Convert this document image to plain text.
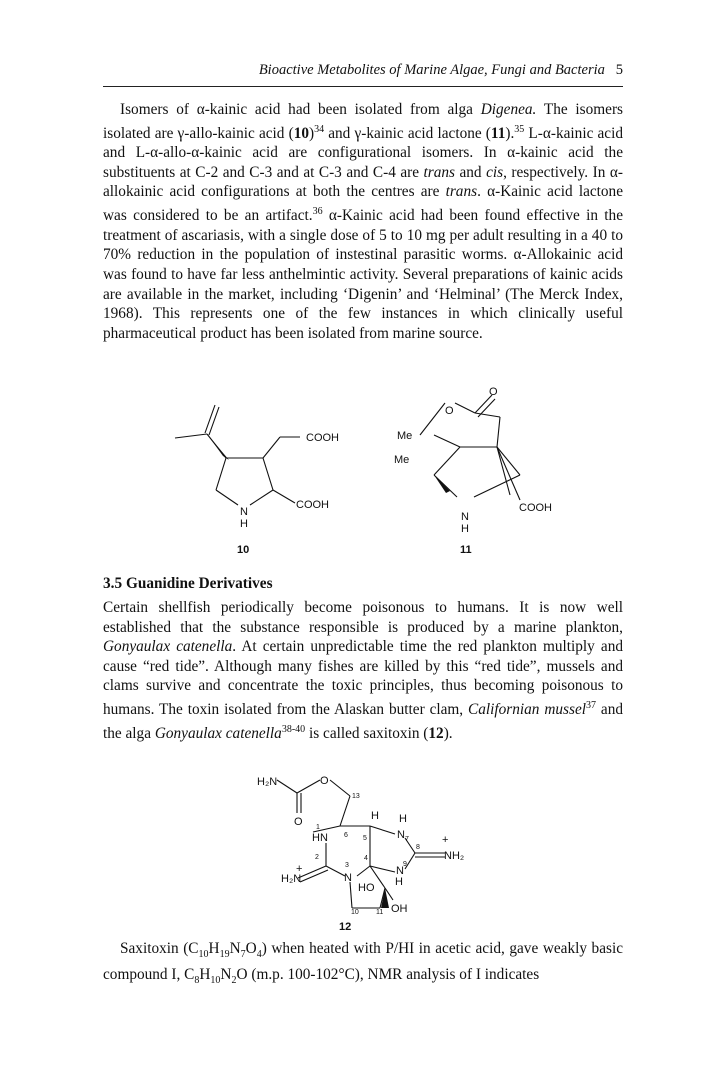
Bioactive Metabolites of Marine Algae, Fungi and Bacteria 5

Isomers of α-kainic acid had been isolated from alga Digenea. The isomers isolated are γ-allo-kainic acid $(10)^{34}$ and γ-kainic acid lactone (11).$^{35}$ L-α-kainic acid and L-α-allo-α-kainic acid are configurational isomers. In α-kainic acid the substituents at C-2 and C-3 and at C-3 and C-4 are trans and cis, respectively. In α-allokainic acid configurations at both the centres are trans. α-Kainic acid lactone was considered to be an artifact.$^{36}$ α-Kainic acid had been found effective in the treatment of ascariasis, with a single dose of 5 to 10 mg per adult resulting in a 40 to 70% reduction in the population of instestinal parasitic worms. α-Allokainic acid was found to have far less anthelmintic activity. Several preparations of kainic acids are available in the market, including ‘Digenin’ and ‘Helminal’ (The Merck Index, 1968). This represents one of the few instances in which clinically useful pharmaceutical product has been isolated from marine source.

COOH
COOH
N
H
10
O
O
Me
Me
COOH
N
H
11

3.5 Guanidine Derivatives

Certain shellfish periodically become poisonous to humans. It is now well established that the substance responsible is produced by a marine plankton, Gonyaulax catenella. At certain unpredictable time the red plankton multiply and cause “red tide”. Although many fishes are killed by this “red tide”, mussels and clams survive and concentrate the toxic principles, thus becoming poisonous to humans. The toxin isolated from the Alaskan butter clam, Californian mussel$^{37}$ and the alga Gonyaulax catenella$^{38-40}$ is called saxitoxin (12).

H₂N	O
O
13
H H
1
HN 6 5	N 7
8
+
NH₂
2
H₂N
+
N
3
4
N
9
H
HO
10 11 OH
12

Saxitoxin $(C_{10}H_{19}N_7O_4)$ when heated with P/HI in acetic acid, gave weakly basic compound I, $C_8H_{10}N_2O$ (m.p. 100-102°C), NMR analysis of I indicates
